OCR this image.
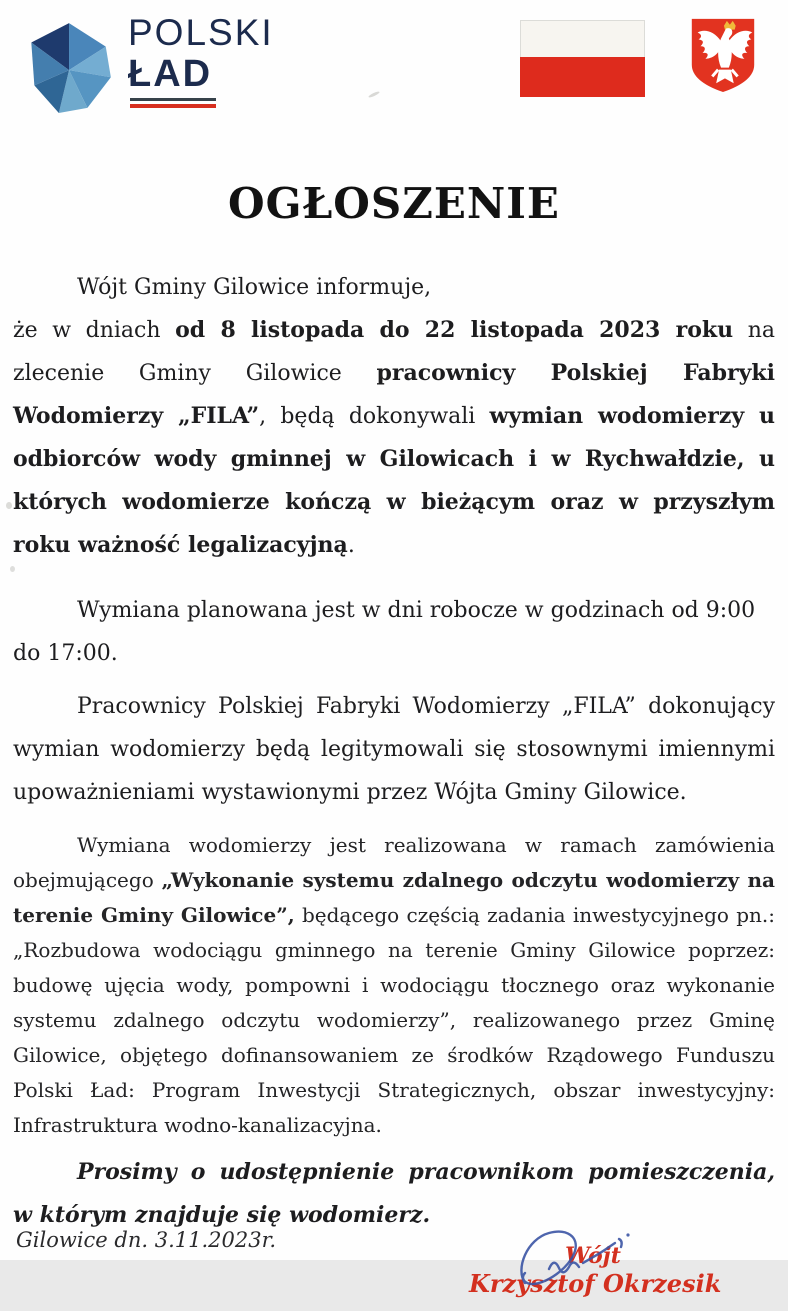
POLSKI
ŁAD
OGŁOSZENIE

Wójt Gminy Gilowice informuje,

że w dniach od 8 listopada do 22 listopada 2023 roku na zlecenie Gminy Gilowice pracownicy Polskiej Fabryki Wodomierzy „FILA”, będą dokonywali wymian wodomierzy u odbiorców wody gminnej w Gilowicach i w Rychwałdzie, u których wodomierze kończą w bieżącym oraz w przyszłym roku ważność legalizacyjną.

Wymiana planowana jest w dni robocze w godzinach od 9:00 do 17:00.

Pracownicy Polskiej Fabryki Wodomierzy „FILA” dokonujący wymian wodomierzy będą legitymowali się stosownymi imiennymi upoważnieniami wystawionymi przez Wójta Gminy Gilowice.

Wymiana wodomierzy jest realizowana w ramach zamówienia obejmującego „Wykonanie systemu zdalnego odczytu wodomierzy na terenie Gminy Gilowice”, będącego częścią zadania inwestycyjnego pn.: „Rozbudowa wodociągu gminnego na terenie Gminy Gilowice poprzez: budowę ujęcia wody, pompowni i wodociągu tłocznego oraz wykonanie systemu zdalnego odczytu wodomierzy”, realizowanego przez Gminę Gilowice, objętego dofinansowaniem ze środków Rządowego Funduszu Polski Ład: Program Inwestycji Strategicznych, obszar inwestycyjny: Infrastruktura wodno-kanalizacyjna.

Prosimy o udostępnienie pracownikom pomieszczenia, w którym znajduje się wodomierz.

Wójt
Krzysztof Okrzesik
Gilowice dn. 3.11.2023r.
